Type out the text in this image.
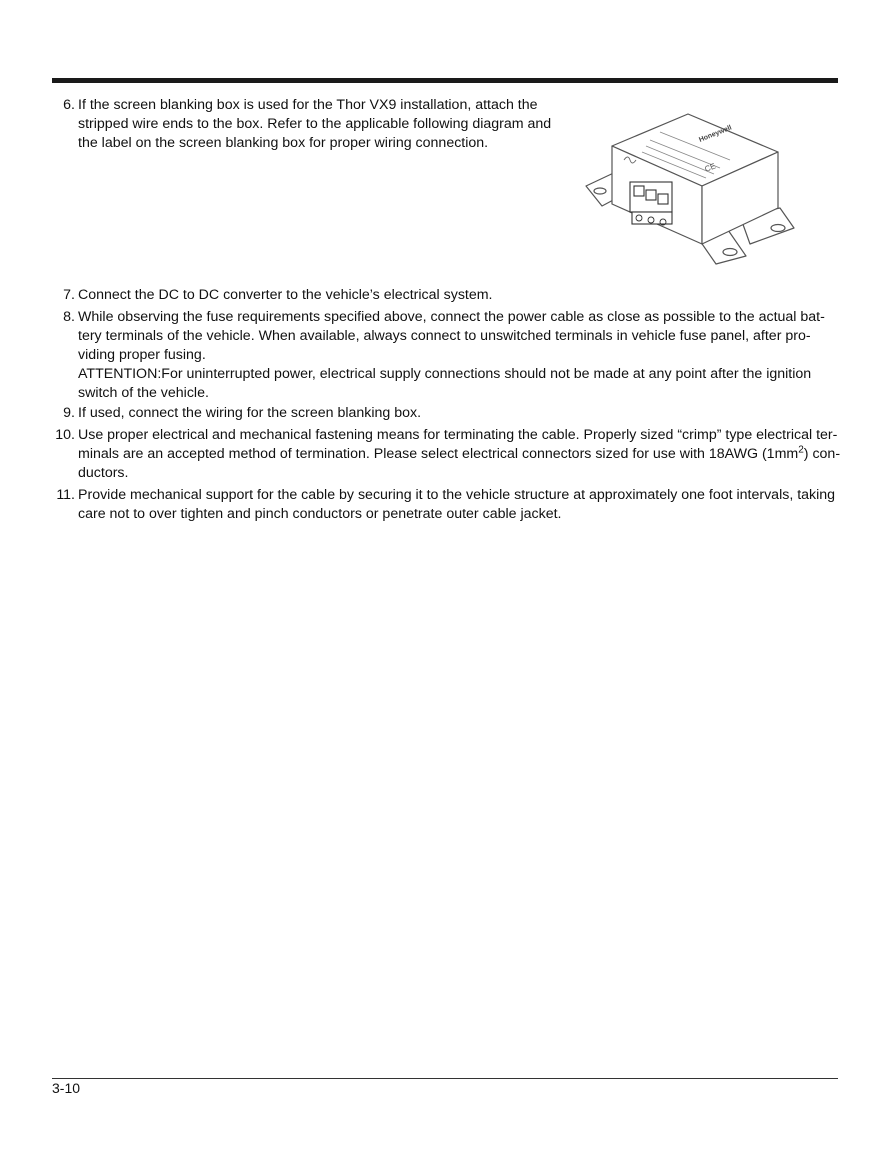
6. If the screen blanking box is used for the Thor VX9 installation, attach the
stripped wire ends to the box. Refer to the applicable following diagram and
the label on the screen blanking box for proper wiring connection.	Honeywell
CE
7. Connect the DC to DC converter to the vehicle’s electrical system.
8. While observing the fuse requirements specified above, connect the power cable as close as possible to the actual bat-
tery terminals of the vehicle. When available, always connect to unswitched terminals in vehicle fuse panel, after pro-
viding proper fusing.
ATTENTION:For uninterrupted power, electrical supply connections should not be made at any point after the ignition
switch of the vehicle.
9. If used, connect the wiring for the screen blanking box.
10. Use proper electrical and mechanical fastening means for terminating the cable. Properly sized “crimp” type electrical ter-
minals are an accepted method of termination. Please select electrical connectors sized for use with 18AWG $(1mm^2)$ con-
ductors.
11. Provide mechanical support for the cable by securing it to the vehicle structure at approximately one foot intervals, taking
care not to over tighten and pinch conductors or penetrate outer cable jacket.
3-10
